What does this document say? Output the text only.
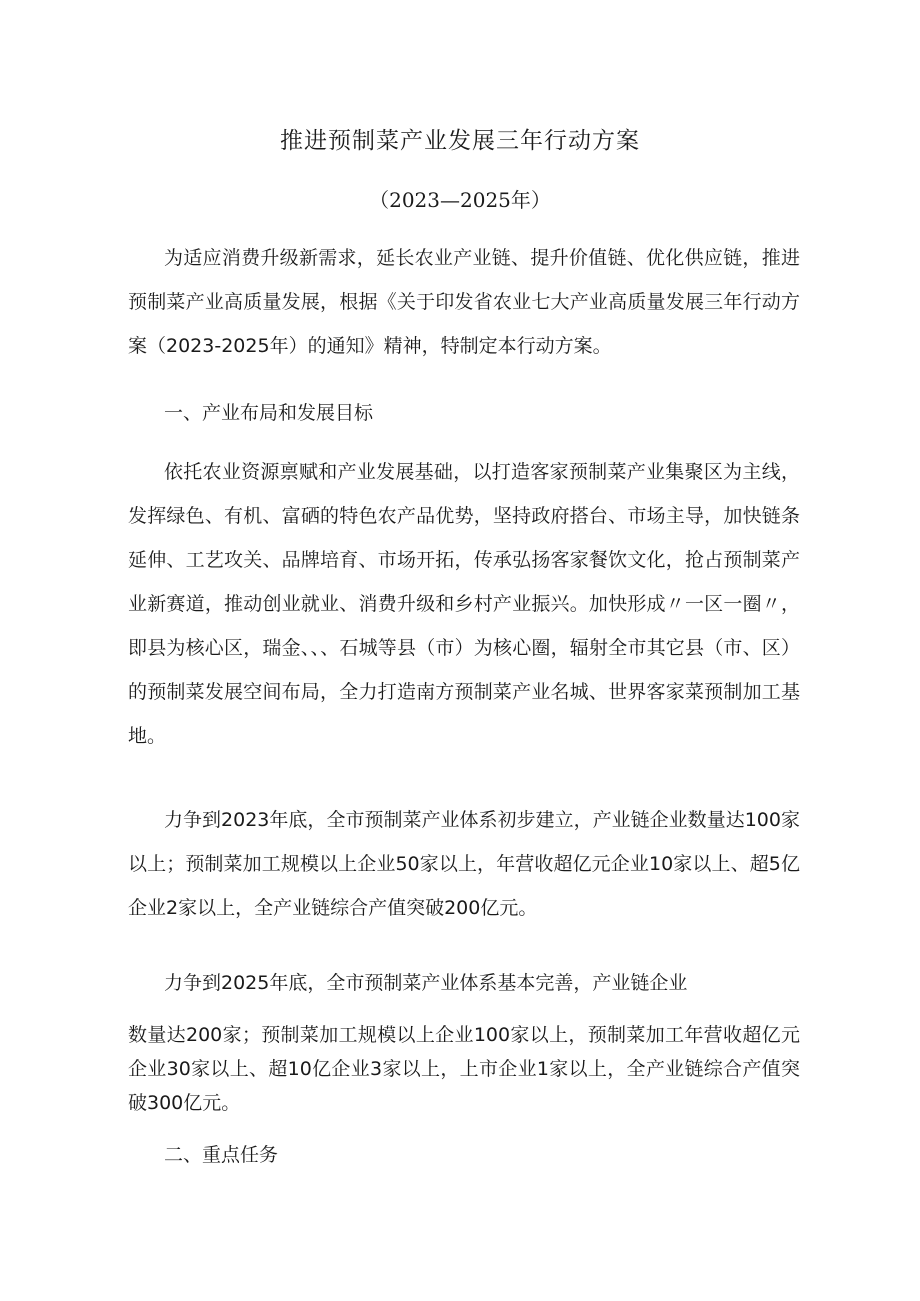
推进预制菜产业发展三年行动方案

（2023—2025年）

为适应消费升级新需求，延长农业产业链、提升价值链、优化供应链，推进预制菜产业高质量发展，根据《关于印发省农业七大产业高质量发展三年行动方案（2023-2025年）的通知》精神，特制定本行动方案。

一、产业布局和发展目标

依托农业资源禀赋和产业发展基础，以打造客家预制菜产业集聚区为主线，发挥绿色、有机、富硒的特色农产品优势，坚持政府搭台、市场主导，加快链条延伸、工艺攻关、品牌培育、市场开拓，传承弘扬客家餐饮文化，抢占预制菜产业新赛道，推动创业就业、消费升级和乡村产业振兴。加快形成〃一区一圈〃，即县为核心区，瑞金、、、石城等县（市）为核心圈，辐射全市其它县（市、区）的预制菜发展空间布局，全力打造南方预制菜产业名城、世界客家菜预制加工基地。

力争到2023年底，全市预制菜产业体系初步建立，产业链企业数量达100家以上；预制菜加工规模以上企业50家以上，年营收超亿元企业10家以上、超5亿企业2家以上，全产业链综合产值突破200亿元。

力争到2025年底，全市预制菜产业体系基本完善，产业链企业

数量达200家；预制菜加工规模以上企业100家以上，预制菜加工年营收超亿元企业30家以上、超10亿企业3家以上，上市企业1家以上，全产业链综合产值突破300亿元。

二、重点任务
